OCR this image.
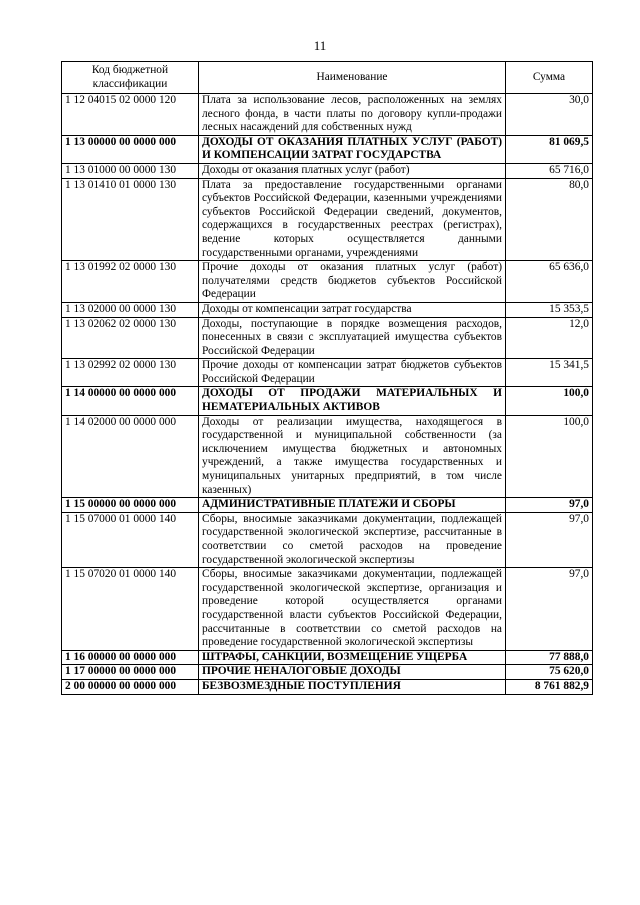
11
Код бюджетной классификации	Наименование	Сумма
1 12 04015 02 0000 120	Плата за использование лесов, расположенных на землях лесного фонда, в части платы по договору купли-продажи лесных насаждений для собственных нужд	30,0
1 13 00000 00 0000 000	ДОХОДЫ ОТ ОКАЗАНИЯ ПЛАТНЫХ УСЛУГ (РАБОТ) И КОМПЕНСАЦИИ ЗАТРАТ ГОСУДАРСТВА	81 069,5
1 13 01000 00 0000 130	Доходы от оказания платных услуг (работ)	65 716,0
1 13 01410 01 0000 130	Плата за предоставление государственными органами субъектов Российской Федерации, казенными учреждениями субъектов Российской Федерации сведений, документов, содержащихся в государственных реестрах (регистрах), ведение которых осуществляется данными государственными органами, учреждениями	80,0
1 13 01992 02 0000 130	Прочие доходы от оказания платных услуг (работ) получателями средств бюджетов субъектов Российской Федерации	65 636,0
1 13 02000 00 0000 130	Доходы от компенсации затрат государства	15 353,5
1 13 02062 02 0000 130	Доходы, поступающие в порядке возмещения расходов, понесенных в связи с эксплуатацией имущества субъектов Российской Федерации	12,0
1 13 02992 02 0000 130	Прочие доходы от компенсации затрат бюджетов субъектов Российской Федерации	15 341,5
1 14 00000 00 0000 000	ДОХОДЫ ОТ ПРОДАЖИ МАТЕРИАЛЬНЫХ И НЕМАТЕРИАЛЬНЫХ АКТИВОВ	100,0
1 14 02000 00 0000 000	Доходы от реализации имущества, находящегося в государственной и муниципальной собственности (за исключением имущества бюджетных и автономных учреждений, а также имущества государственных и муниципальных унитарных предприятий, в том числе казенных)	100,0
1 15 00000 00 0000 000	АДМИНИСТРАТИВНЫЕ ПЛАТЕЖИ И СБОРЫ	97,0
1 15 07000 01 0000 140	Сборы, вносимые заказчиками документации, подлежащей государственной экологической экспертизе, рассчитанные в соответствии со сметой расходов на проведение государственной экологической экспертизы	97,0
1 15 07020 01 0000 140	Сборы, вносимые заказчиками документации, подлежащей государственной экологической экспертизе, организация и проведение которой осуществляется органами государственной власти субъектов Российской Федерации, рассчитанные в соответствии со сметой расходов на проведение государственной экологической экспертизы	97,0
1 16 00000 00 0000 000	ШТРАФЫ, САНКЦИИ, ВОЗМЕЩЕНИЕ УЩЕРБА	77 888,0
1 17 00000 00 0000 000	ПРОЧИЕ НЕНАЛОГОВЫЕ ДОХОДЫ	75 620,0
2 00 00000 00 0000 000	БЕЗВОЗМЕЗДНЫЕ ПОСТУПЛЕНИЯ	8 761 882,9
